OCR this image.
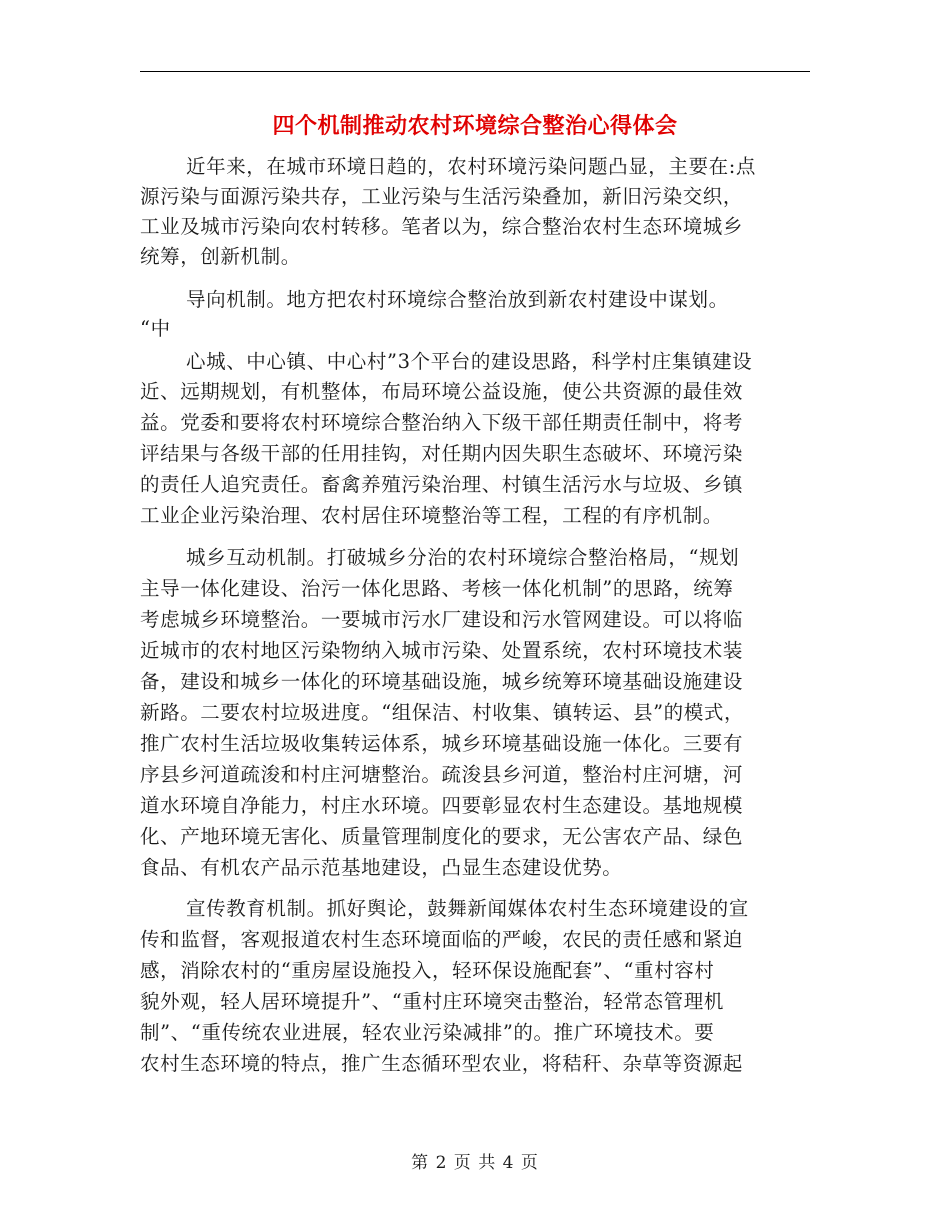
四个机制推动农村环境综合整治心得体会
近年来，在城市环境日趋的，农村环境污染问题凸显，主要在:点
源污染与面源污染共存，工业污染与生活污染叠加，新旧污染交织，
工业及城市污染向农村转移。笔者以为，综合整治农村生态环境城乡
统筹，创新机制。
导向机制。地方把农村环境综合整治放到新农村建设中谋划。
“中
心城、中心镇、中心村”3个平台的建设思路，科学村庄集镇建设
近、远期规划，有机整体，布局环境公益设施，使公共资源的最佳效
益。党委和要将农村环境综合整治纳入下级干部任期责任制中，将考
评结果与各级干部的任用挂钩，对任期内因失职生态破坏、环境污染
的责任人追究责任。畜禽养殖污染治理、村镇生活污水与垃圾、乡镇
工业企业污染治理、农村居住环境整治等工程，工程的有序机制。
城乡互动机制。打破城乡分治的农村环境综合整治格局，“规划
主导一体化建设、治污一体化思路、考核一体化机制”的思路，统筹
考虑城乡环境整治。一要城市污水厂建设和污水管网建设。可以将临
近城市的农村地区污染物纳入城市污染、处置系统，农村环境技术装
备，建设和城乡一体化的环境基础设施，城乡统筹环境基础设施建设
新路。二要农村垃圾进度。“组保洁、村收集、镇转运、县”的模式，
推广农村生活垃圾收集转运体系，城乡环境基础设施一体化。三要有
序县乡河道疏浚和村庄河塘整治。疏浚县乡河道，整治村庄河塘，河
道水环境自净能力，村庄水环境。四要彰显农村生态建设。基地规模
化、产地环境无害化、质量管理制度化的要求，无公害农产品、绿色
食品、有机农产品示范基地建设，凸显生态建设优势。
宣传教育机制。抓好舆论，鼓舞新闻媒体农村生态环境建设的宣
传和监督，客观报道农村生态环境面临的严峻，农民的责任感和紧迫
感，消除农村的“重房屋设施投入，轻环保设施配套”、“重村容村
貌外观，轻人居环境提升”、“重村庄环境突击整治，轻常态管理机
制”、“重传统农业进展，轻农业污染减排”的。推广环境技术。要
农村生态环境的特点，推广生态循环型农业，将秸秆、杂草等资源起
第 2 页 共 4 页
